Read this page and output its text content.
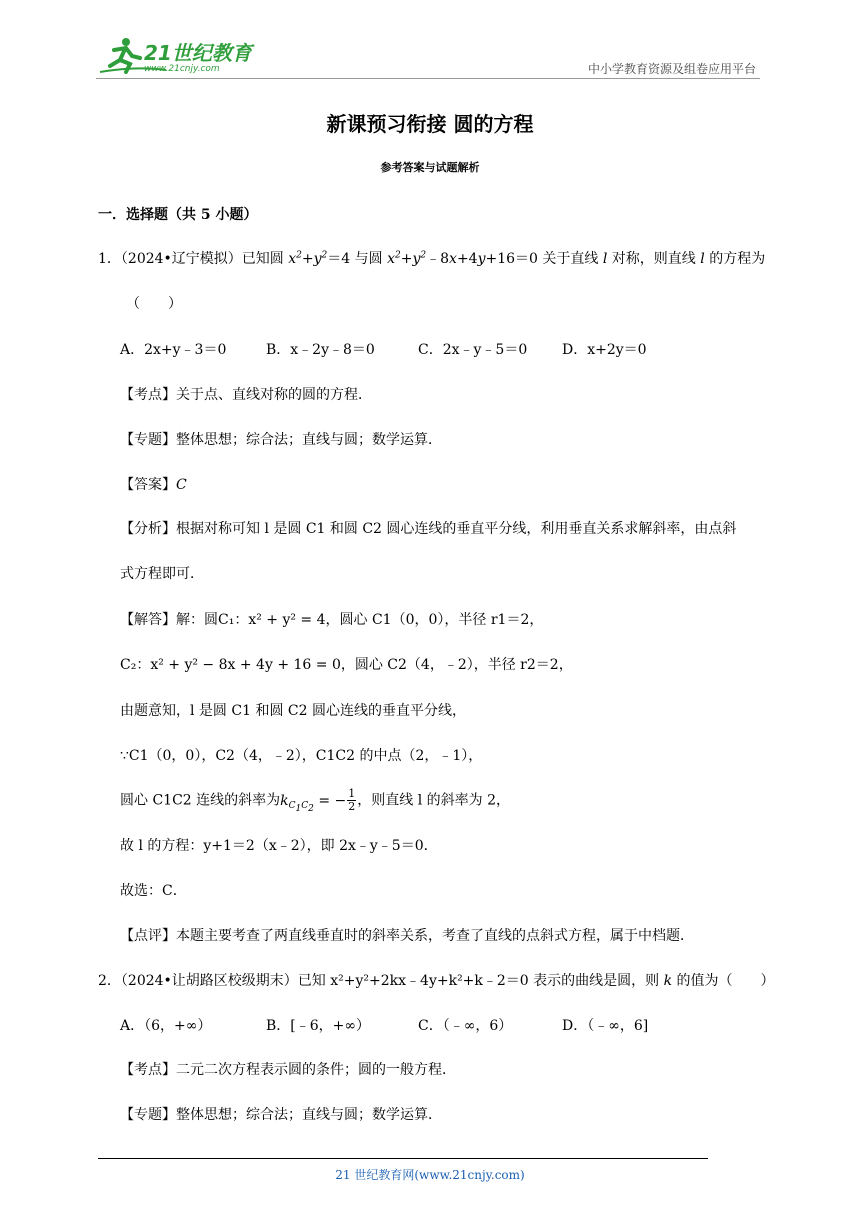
21世纪教育
www.21cnjy.com	中小学教育资源及组卷应用平台
新课预习衔接 圆的方程
参考答案与试题解析
一．选择题（共 5 小题）
1．（2024•辽宁模拟）已知圆 $x^2+y^2=4$ 与圆 $x^2+y^2﹣8x+4y+16=0$ 关于直线 l 对称，则直线 l 的方程为
（　　）
A．2x+y﹣3＝0	B．x﹣2y﹣8＝0	C．2x﹣y﹣5＝0 D．x+2y＝0
【考点】关于点、直线对称的圆的方程．
【专题】整体思想；综合法；直线与圆；数学运算．
【答案】C
【分析】根据对称可知 l 是圆 C1 和圆 C2 圆心连线的垂直平分线，利用垂直关系求解斜率，由点斜
式方程即可．
【解答】解：圆C₁：x² + y² = 4，圆心 C1（0，0），半径 r1＝2，
C₂：x² + y² − 8x + 4y + 16 = 0，圆心 C2（4，﹣2），半径 r2＝2，
由题意知，l 是圆 C1 和圆 C2 圆心连线的垂直平分线，
∵C1（0，0），C2（4，﹣2），C1C2 的中点（2，﹣1），
圆心 C1C2 连线的斜率为$k_{C_1C_2}$ = − $\frac{1}{2}$ ，则直线 l 的斜率为 2，
故 l 的方程：y+1＝2（x﹣2），即 2x﹣y﹣5＝0．
故选：C．
【点评】本题主要考查了两直线垂直时的斜率关系，考查了直线的点斜式方程，属于中档题．
2．（2024•让胡路区校级期末）已知 x²+y²+2kx﹣4y+k²+k﹣2＝0 表示的曲线是圆，则 k 的值为（　　）
A．（6，+∞）	B．[﹣6，+∞）	C．（﹣∞，6）	D．（﹣∞，6]
【考点】二元二次方程表示圆的条件；圆的一般方程．
【专题】整体思想；综合法；直线与圆；数学运算．
21 世纪教育网(www.21cnjy.com)
